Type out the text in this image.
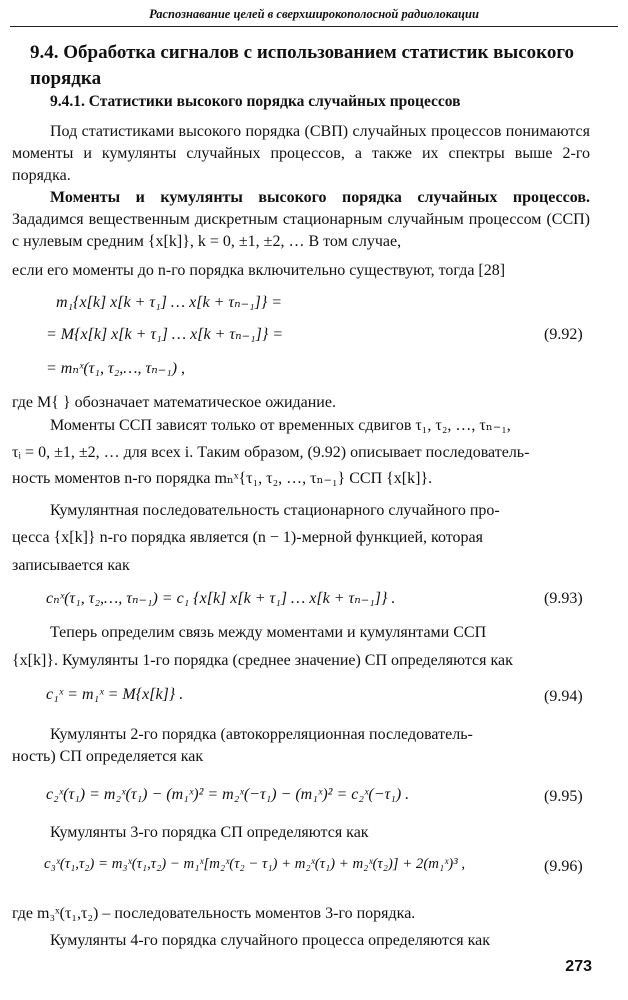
Распознавание целей в сверхширокополосной радиолокации
9.4. Обработка сигналов с использованием статистик высокого порядка
9.4.1. Статистики высокого порядка случайных процессов
Под статистиками высокого порядка (СВП) случайных процессов понимаются моменты и кумулянты случайных процессов, а также их спектры выше 2-го порядка.
Моменты и кумулянты высокого порядка случайных процессов. Зададимся вещественным дискретным стационарным случайным процессом (ССП) с нулевым средним {x[k]}, k = 0, ±1, ±2, … В том случае,
если его моменты до n-го порядка включительно существуют, тогда [28]
m₁{x[k] x[k + τ₁] … x[k + τₙ₋₁]} =
= M{x[k] x[k + τ₁] … x[k + τₙ₋₁]} =	(9.92)
= mₙˣ(τ₁, τ₂,…, τₙ₋₁) ,
где M{ } обозначает математическое ожидание.
Моменты ССП зависят только от временных сдвигов τ₁, τ₂, …, τₙ₋₁,
τᵢ = 0, ±1, ±2, … для всех i. Таким образом, (9.92) описывает последователь-
ность моментов n-го порядка mₙˣ{τ₁, τ₂, …, τₙ₋₁} ССП {x[k]}.
Кумулянтная последовательность стационарного случайного про-
цесса {x[k]} n-го порядка является (n − 1)-мерной функцией, которая
записывается как
cₙˣ(τ₁, τ₂,…, τₙ₋₁) = c₁ {x[k] x[k + τ₁] … x[k + τₙ₋₁]} .	(9.93)
Теперь определим связь между моментами и кумулянтами ССП
{x[k]}. Кумулянты 1-го порядка (среднее значение) СП определяются как
c₁ˣ = m₁ˣ = M{x[k]} .	(9.94)
Кумулянты 2-го порядка (автокорреляционная последователь-
ность) СП определяется как
c₂ˣ(τ₁) = m₂ˣ(τ₁) − (m₁ˣ)² = m₂ˣ(−τ₁) − (m₁ˣ)² = c₂ˣ(−τ₁) .	(9.95)
Кумулянты 3-го порядка СП определяются как
c₃ˣ(τ₁,τ₂) = m₃ˣ(τ₁,τ₂) − m₁ˣ[m₂ˣ(τ₂ − τ₁) + m₂ˣ(τ₁) + m₂ˣ(τ₂)] + 2(m₁ˣ)³ ,	(9.96)
где m₃ˣ(τ₁,τ₂) – последовательность моментов 3-го порядка.
Кумулянты 4-го порядка случайного процесса определяются как
273
